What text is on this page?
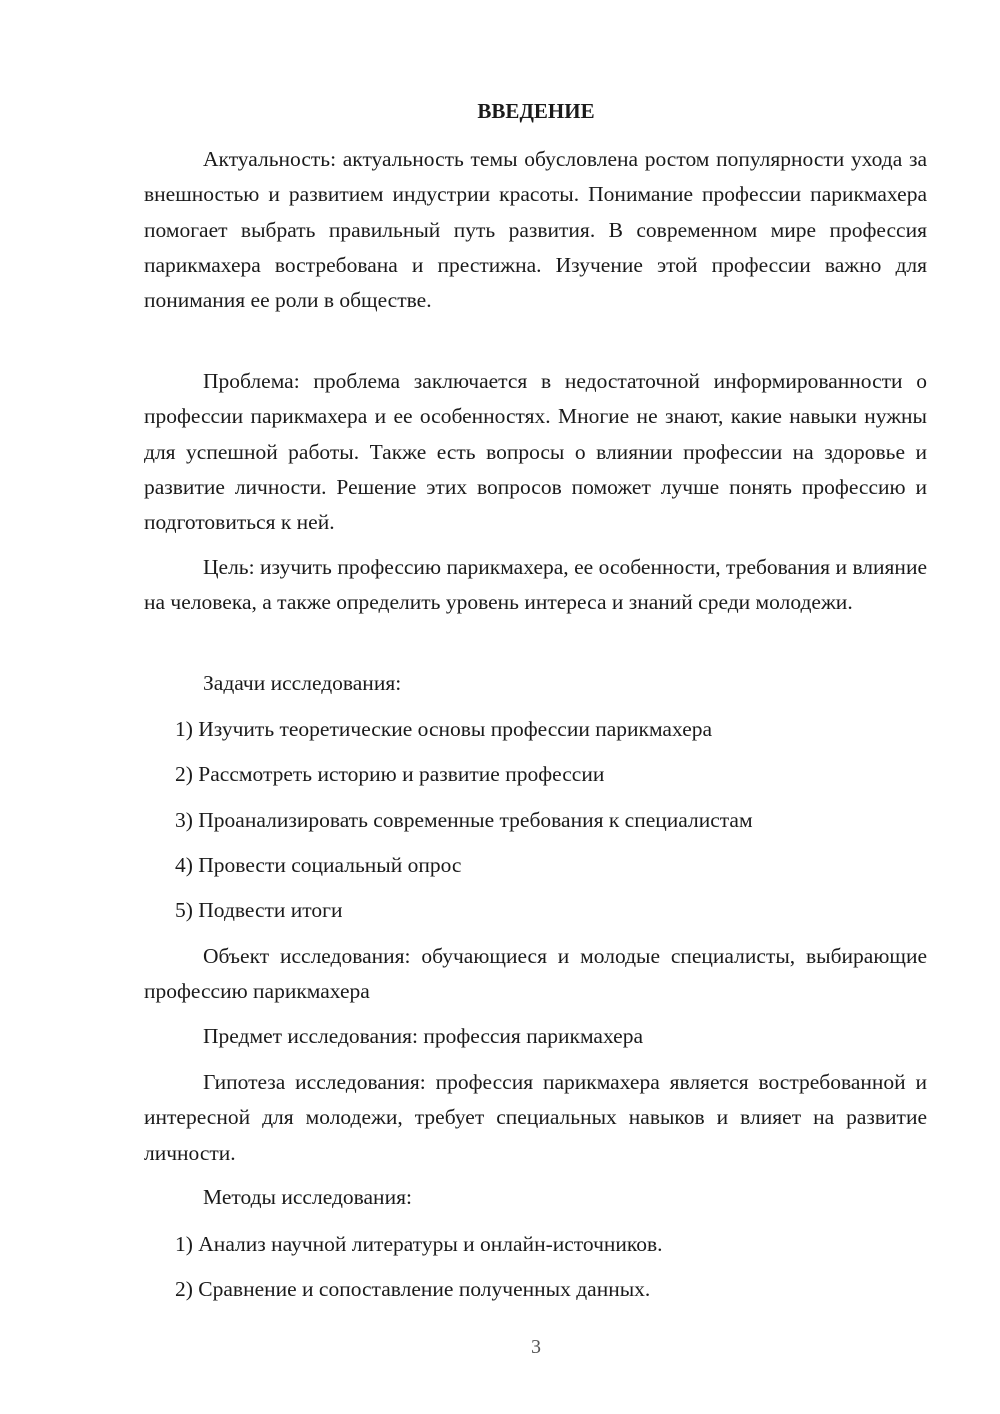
ВВЕДЕНИЕ

Актуальность: актуальность темы обусловлена ростом популярности ухода за внешностью и развитием индустрии красоты. Понимание профессии парикмахера помогает выбрать правильный путь развития. В современном мире профессия парикмахера востребована и престижна. Изучение этой профессии важно для понимания ее роли в обществе.

Проблема: проблема заключается в недостаточной информированности о профессии парикмахера и ее особенностях. Многие не знают, какие навыки нужны для успешной работы. Также есть вопросы о влиянии профессии на здоровье и развитие личности. Решение этих вопросов поможет лучше понять профессию и подготовиться к ней.

Цель: изучить профессию парикмахера, ее особенности, требования и влияние на человека, а также определить уровень интереса и знаний среди молодежи.

Задачи исследования:

1) Изучить теоретические основы профессии парикмахера
2) Рассмотреть историю и развитие профессии
3) Проанализировать современные требования к специалистам
4) Провести социальный опрос
5) Подвести итоги

Объект исследования: обучающиеся и молодые специалисты, выбирающие профессию парикмахера

Предмет исследования: профессия парикмахера

Гипотеза исследования: профессия парикмахера является востребованной и интересной для молодежи, требует специальных навыков и влияет на развитие личности.

Методы исследования:

1) Анализ научной литературы и онлайн-источников.
2) Сравнение и сопоставление полученных данных.
3
